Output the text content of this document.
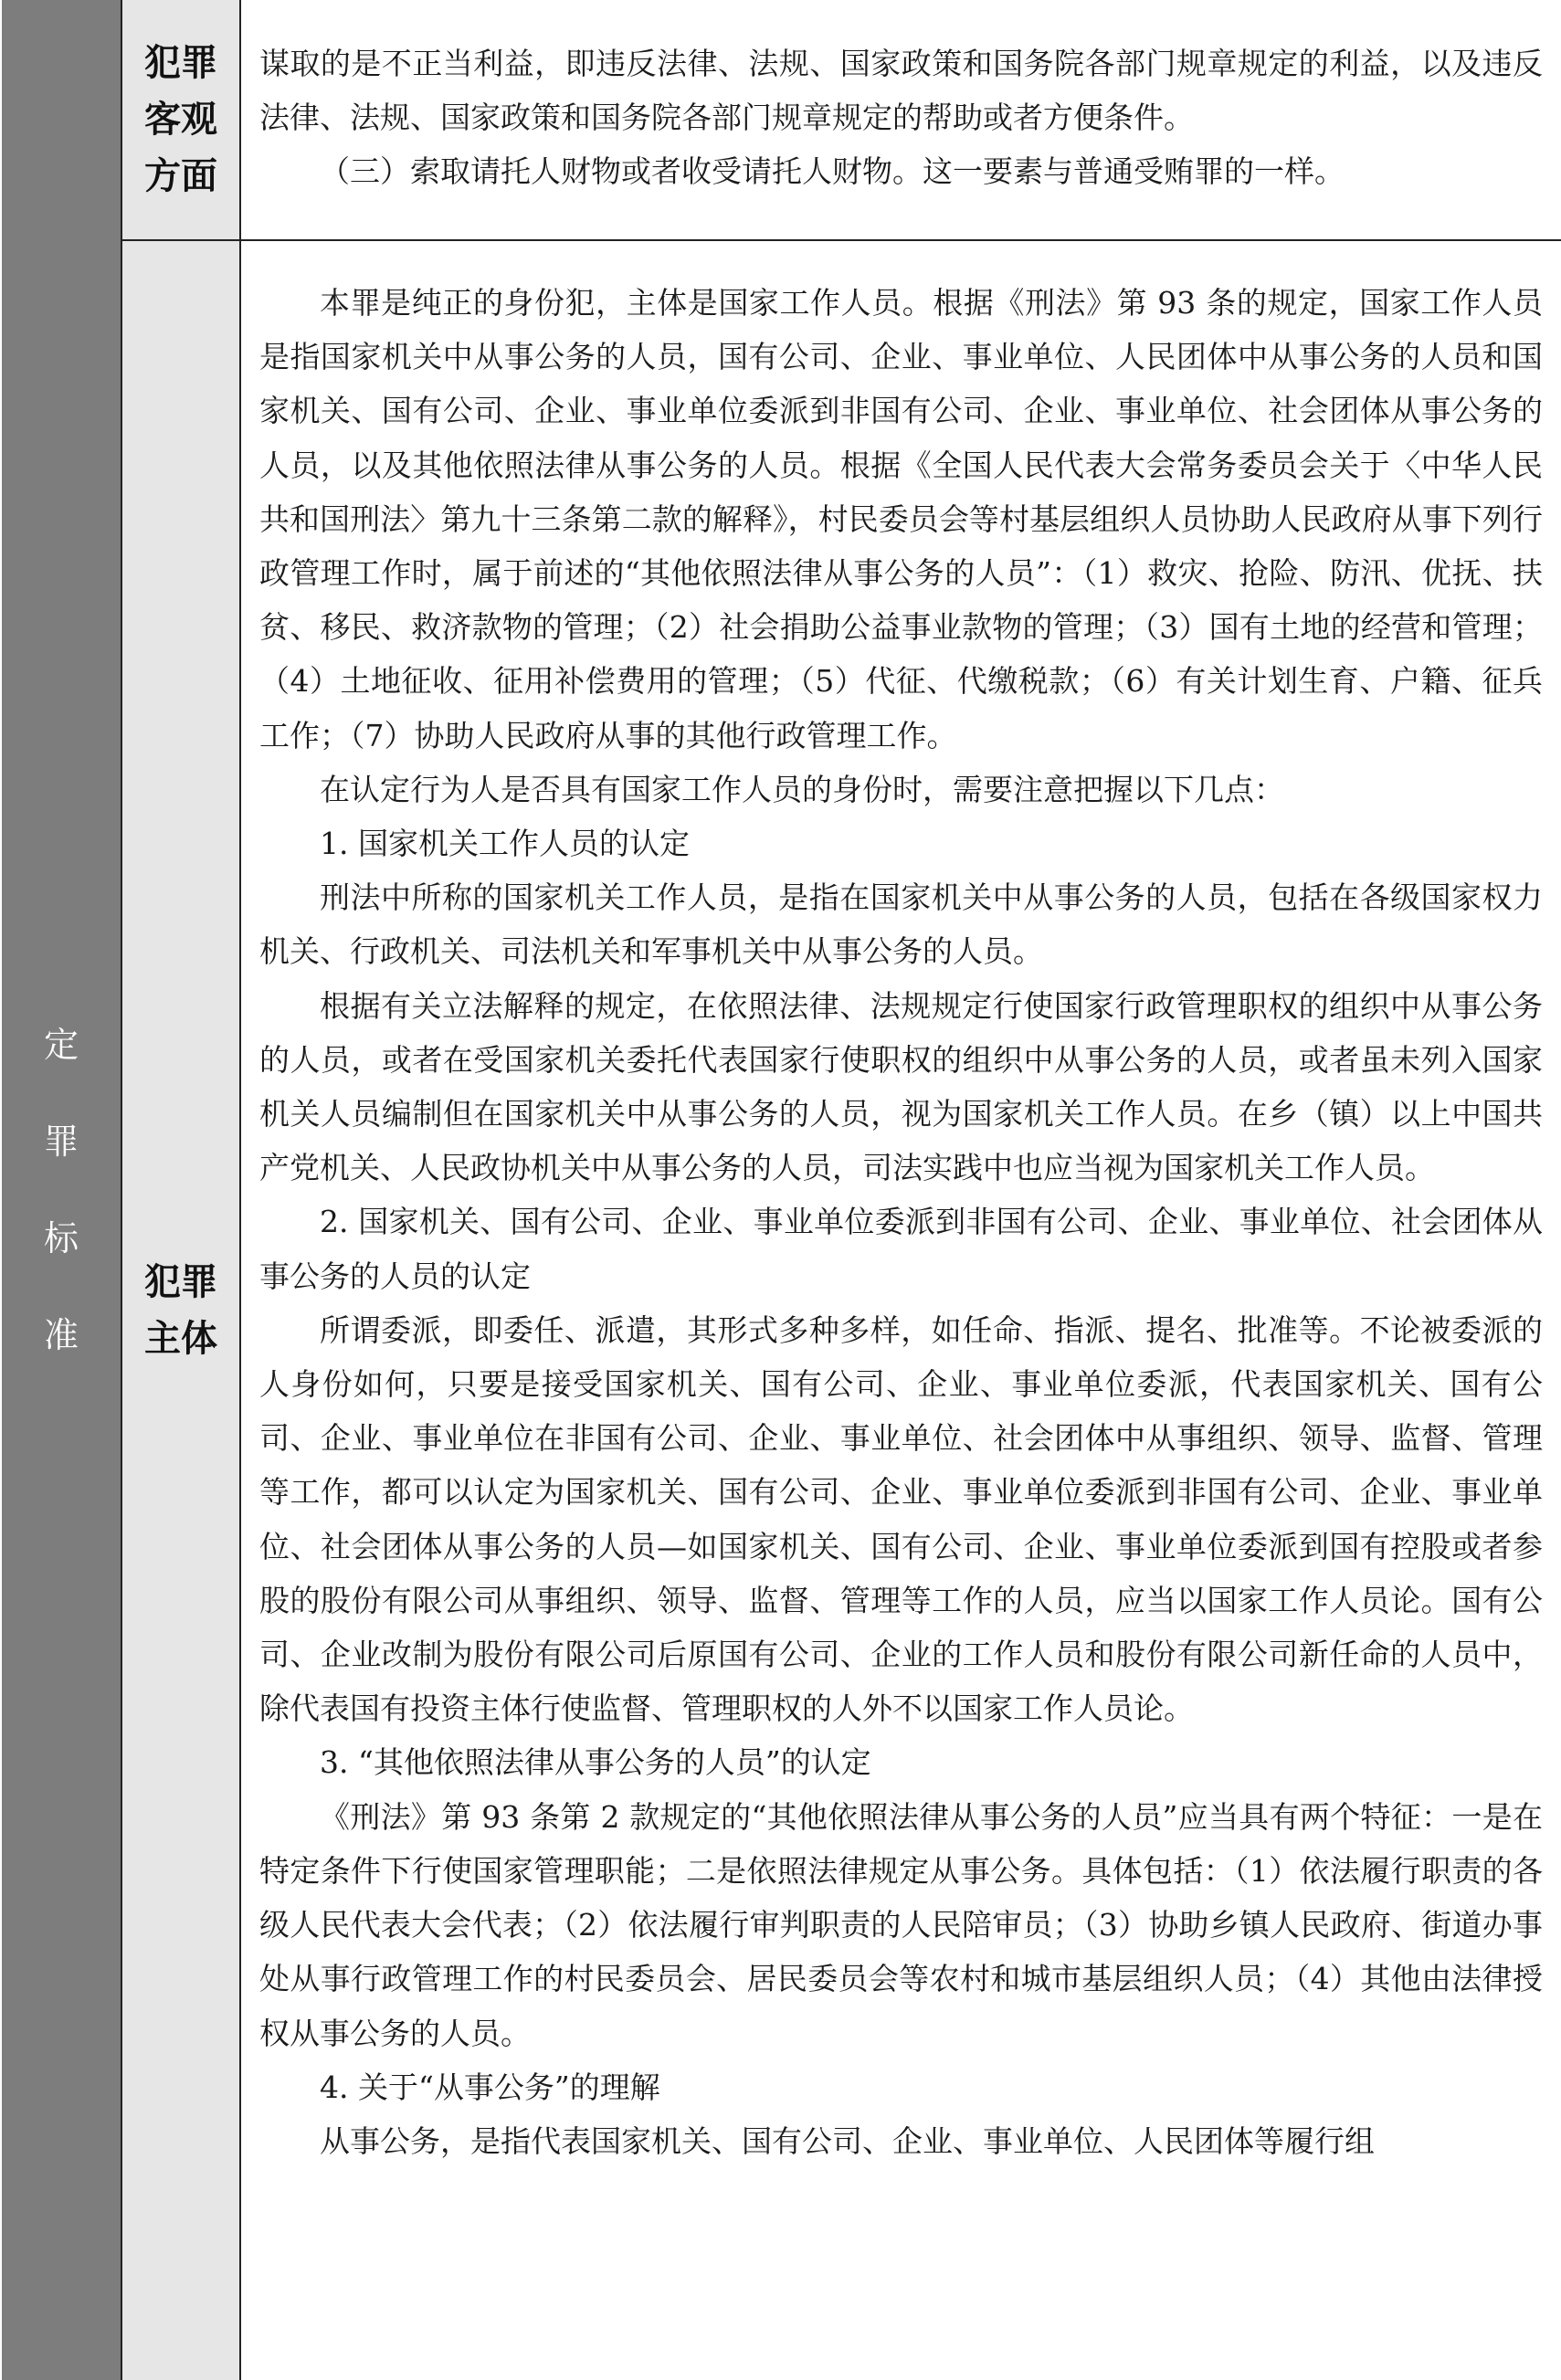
定
罪
标
准
犯罪客观方面

谋取的是不正当利益，即违反法律、法规、国家政策和国务院各部门规章规定的利益，以及违反法律、法规、国家政策和国务院各部门规章规定的帮助或者方便条件。

（三）索取请托人财物或者收受请托人财物。这一要素与普通受贿罪的一样。

犯罪主体

本罪是纯正的身份犯，主体是国家工作人员。根据《刑法》第 93 条的规定，国家工作人员是指国家机关中从事公务的人员，国有公司、企业、事业单位、人民团体中从事公务的人员和国家机关、国有公司、企业、事业单位委派到非国有公司、企业、事业单位、社会团体从事公务的人员，以及其他依照法律从事公务的人员。根据《全国人民代表大会常务委员会关于〈中华人民共和国刑法〉第九十三条第二款的解释》，村民委员会等村基层组织人员协助人民政府从事下列行政管理工作时，属于前述的“其他依照法律从事公务的人员”：（1）救灾、抢险、防汛、优抚、扶贫、移民、救济款物的管理；（2）社会捐助公益事业款物的管理；（3）国有土地的经营和管理；（4）土地征收、征用补偿费用的管理；（5）代征、代缴税款；（6）有关计划生育、户籍、征兵工作；（7）协助人民政府从事的其他行政管理工作。

在认定行为人是否具有国家工作人员的身份时，需要注意把握以下几点：

1. 国家机关工作人员的认定

刑法中所称的国家机关工作人员，是指在国家机关中从事公务的人员，包括在各级国家权力机关、行政机关、司法机关和军事机关中从事公务的人员。

根据有关立法解释的规定，在依照法律、法规规定行使国家行政管理职权的组织中从事公务的人员，或者在受国家机关委托代表国家行使职权的组织中从事公务的人员，或者虽未列入国家机关人员编制但在国家机关中从事公务的人员，视为国家机关工作人员。在乡（镇）以上中国共产党机关、人民政协机关中从事公务的人员，司法实践中也应当视为国家机关工作人员。

2. 国家机关、国有公司、企业、事业单位委派到非国有公司、企业、事业单位、社会团体从事公务的人员的认定

所谓委派，即委任、派遣，其形式多种多样，如任命、指派、提名、批准等。不论被委派的人身份如何，只要是接受国家机关、国有公司、企业、事业单位委派，代表国家机关、国有公司、企业、事业单位在非国有公司、企业、事业单位、社会团体中从事组织、领导、监督、管理等工作，都可以认定为国家机关、国有公司、企业、事业单位委派到非国有公司、企业、事业单位、社会团体从事公务的人员—如国家机关、国有公司、企业、事业单位委派到国有控股或者参股的股份有限公司从事组织、领导、监督、管理等工作的人员，应当以国家工作人员论。国有公司、企业改制为股份有限公司后原国有公司、企业的工作人员和股份有限公司新任命的人员中，除代表国有投资主体行使监督、管理职权的人外不以国家工作人员论。

3. “其他依照法律从事公务的人员”的认定

《刑法》第 93 条第 2 款规定的“其他依照法律从事公务的人员”应当具有两个特征：一是在特定条件下行使国家管理职能；二是依照法律规定从事公务。具体包括：（1）依法履行职责的各级人民代表大会代表；（2）依法履行审判职责的人民陪审员；（3）协助乡镇人民政府、街道办事处从事行政管理工作的村民委员会、居民委员会等农村和城市基层组织人员；（4）其他由法律授权从事公务的人员。

4. 关于“从事公务”的理解

从事公务，是指代表国家机关、国有公司、企业、事业单位、人民团体等履行组
